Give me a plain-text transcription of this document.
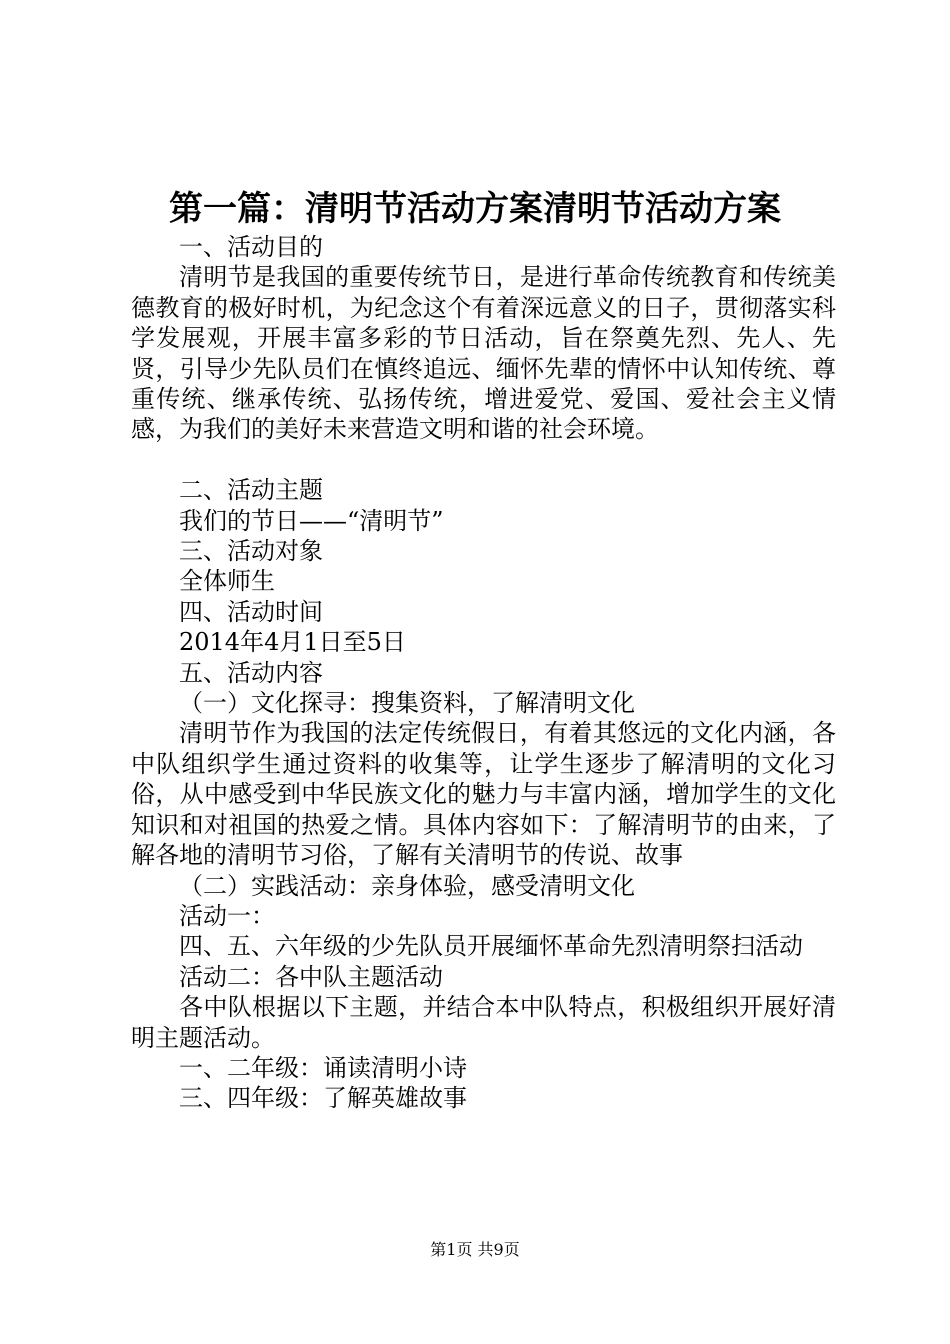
第一篇：清明节活动方案清明节活动方案

一、活动目的

清明节是我国的重要传统节日，是进行革命传统教育和传统美德教育的极好时机，为纪念这个有着深远意义的日子，贯彻落实科学发展观，开展丰富多彩的节日活动，旨在祭奠先烈、先人、先贤，引导少先队员们在慎终追远、缅怀先辈的情怀中认知传统、尊重传统、继承传统、弘扬传统，增进爱党、爱国、爱社会主义情感，为我们的美好未来营造文明和谐的社会环境。

二、活动主题

我们的节日——“清明节”

三、活动对象

全体师生

四、活动时间

2014年4月1日至5日

五、活动内容

（一）文化探寻：搜集资料，了解清明文化

清明节作为我国的法定传统假日，有着其悠远的文化内涵，各中队组织学生通过资料的收集等，让学生逐步了解清明的文化习俗，从中感受到中华民族文化的魅力与丰富内涵，增加学生的文化知识和对祖国的热爱之情。具体内容如下：了解清明节的由来，了解各地的清明节习俗，了解有关清明节的传说、故事

（二）实践活动：亲身体验，感受清明文化

活动一：

四、五、六年级的少先队员开展缅怀革命先烈清明祭扫活动

活动二：各中队主题活动

各中队根据以下主题，并结合本中队特点，积极组织开展好清明主题活动。

一、二年级：诵读清明小诗

三、四年级：了解英雄故事

第1页 共9页
